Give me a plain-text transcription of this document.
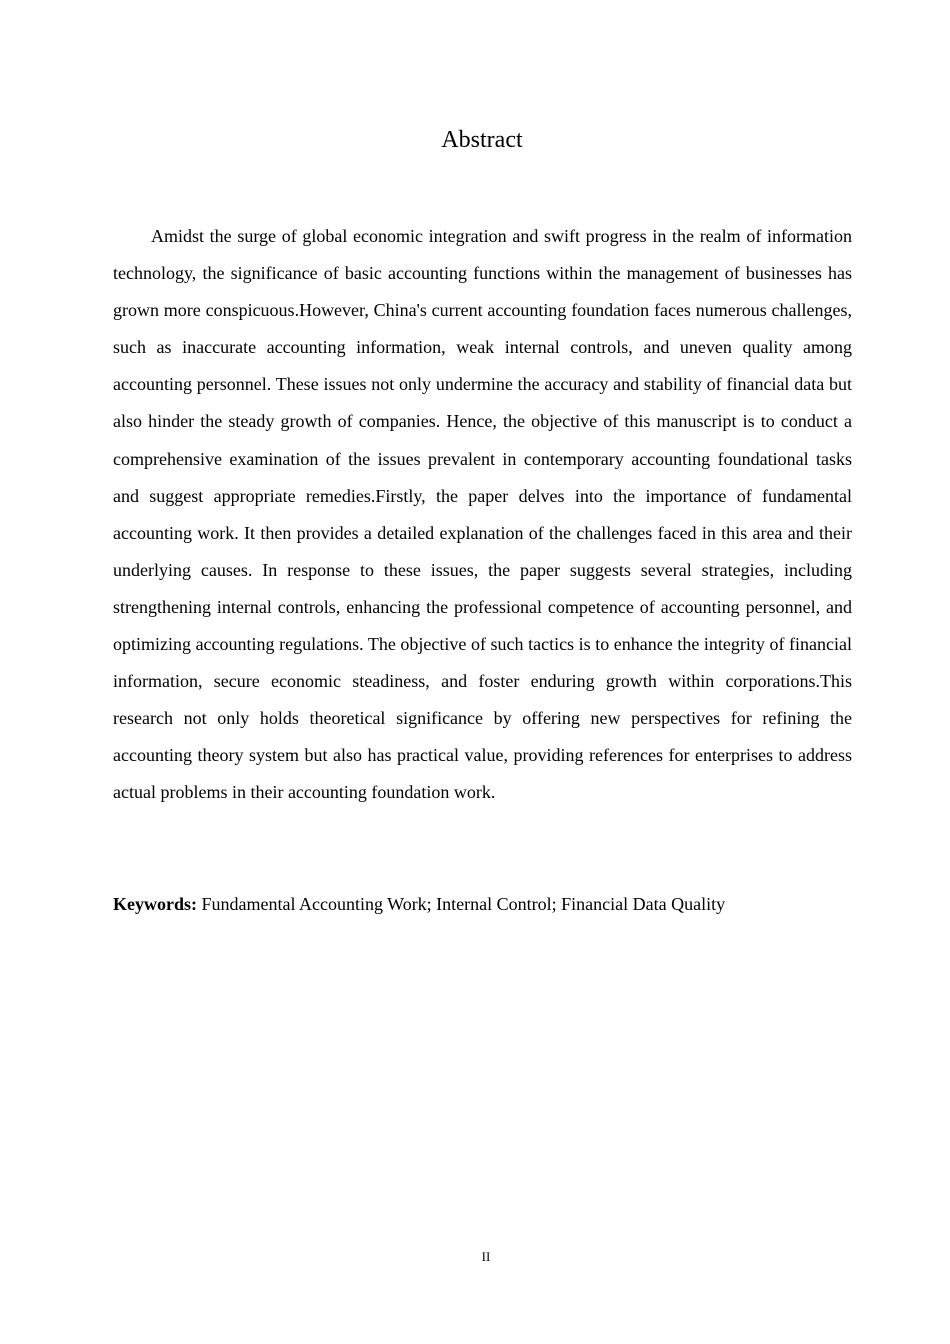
Abstract

Amidst the surge of global economic integration and swift progress in the realm of information technology, the significance of basic accounting functions within the management of businesses has grown more conspicuous.However, China's current accounting foundation faces numerous challenges, such as inaccurate accounting information, weak internal controls, and uneven quality among accounting personnel. These issues not only undermine the accuracy and stability of financial data but also hinder the steady growth of companies. Hence, the objective of this manuscript is to conduct a comprehensive examination of the issues prevalent in contemporary accounting foundational tasks and suggest appropriate remedies.Firstly, the paper delves into the importance of fundamental accounting work. It then provides a detailed explanation of the challenges faced in this area and their underlying causes. In response to these issues, the paper suggests several strategies, including strengthening internal controls, enhancing the professional competence of accounting personnel, and optimizing accounting regulations. The objective of such tactics is to enhance the integrity of financial information, secure economic steadiness, and foster enduring growth within corporations.This research not only holds theoretical significance by offering new perspectives for refining the accounting theory system but also has practical value, providing references for enterprises to address actual problems in their accounting foundation work.

Keywords: Fundamental Accounting Work; Internal Control; Financial Data Quality

II
